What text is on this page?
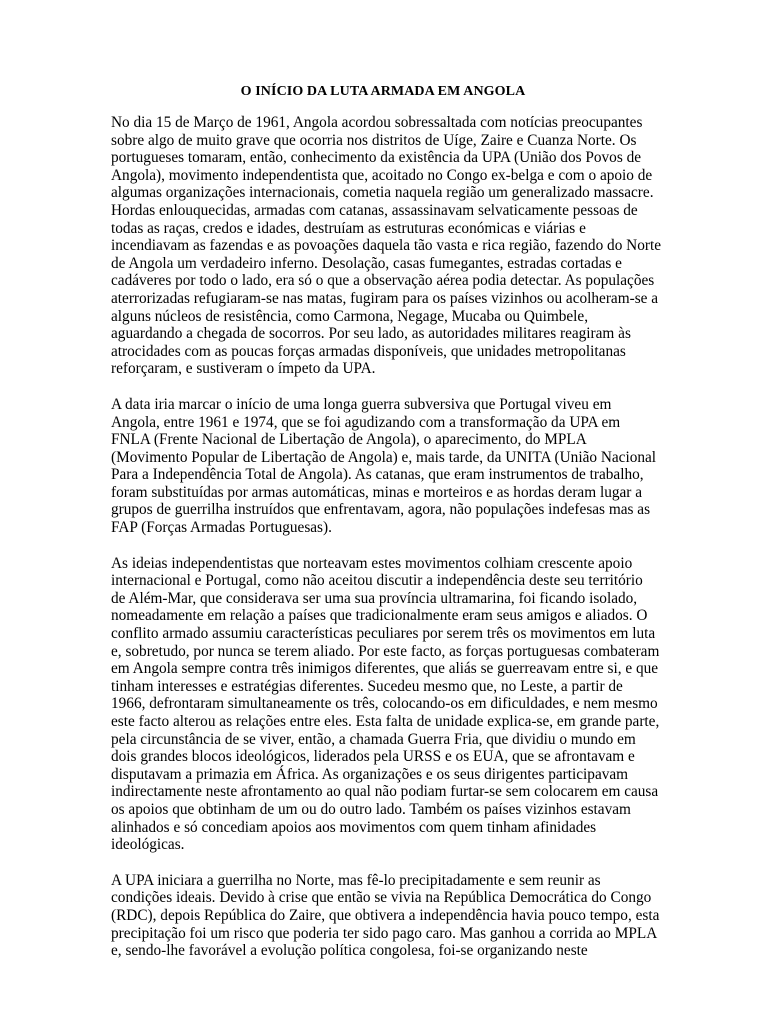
O INÍCIO DA LUTA ARMADA EM ANGOLA

No dia 15 de Março de 1961, Angola acordou sobressaltada com notícias preocupantes sobre algo de muito grave que ocorria nos distritos de Uíge, Zaire e Cuanza Norte. Os portugueses tomaram, então, conhecimento da existência da UPA (União dos Povos de Angola), movimento independentista que, acoitado no Congo ex-belga e com o apoio de algumas organizações internacionais, cometia naquela região um generalizado massacre. Hordas enlouquecidas, armadas com catanas, assassinavam selvaticamente pessoas de todas as raças, credos e idades, destruíam as estruturas económicas e viárias e incendiavam as fazendas e as povoações daquela tão vasta e rica região, fazendo do Norte de Angola um verdadeiro inferno. Desolação, casas fumegantes, estradas cortadas e cadáveres por todo o lado, era só o que a observação aérea podia detectar. As populações aterrorizadas refugiaram-se nas matas, fugiram para os países vizinhos ou acolheram-se a alguns núcleos de resistência, como Carmona, Negage, Mucaba ou Quimbele, aguardando a chegada de socorros. Por seu lado, as autoridades militares reagiram às atrocidades com as poucas forças armadas disponíveis, que unidades metropolitanas reforçaram, e sustiveram o ímpeto da UPA.

A data iria marcar o início de uma longa guerra subversiva que Portugal viveu em Angola, entre 1961 e 1974, que se foi agudizando com a transformação da UPA em FNLA (Frente Nacional de Libertação de Angola), o aparecimento, do MPLA (Movimento Popular de Libertação de Angola) e, mais tarde, da UNITA (União Nacional Para a Independência Total de Angola). As catanas, que eram instrumentos de trabalho, foram substituídas por armas automáticas, minas e morteiros e as hordas deram lugar a grupos de guerrilha instruídos que enfrentavam, agora, não populações indefesas mas as FAP (Forças Armadas Portuguesas).

As ideias independentistas que norteavam estes movimentos colhiam crescente apoio internacional e Portugal, como não aceitou discutir a independência deste seu território de Além-Mar, que considerava ser uma sua província ultramarina, foi ficando isolado, nomeadamente em relação a países que tradicionalmente eram seus amigos e aliados. O conflito armado assumiu características peculiares por serem três os movimentos em luta e, sobretudo, por nunca se terem aliado. Por este facto, as forças portuguesas combateram em Angola sempre contra três inimigos diferentes, que aliás se guerreavam entre si, e que tinham interesses e estratégias diferentes. Sucedeu mesmo que, no Leste, a partir de 1966, defrontaram simultaneamente os três, colocando-os em dificuldades, e nem mesmo este facto alterou as relações entre eles. Esta falta de unidade explica-se, em grande parte, pela circunstância de se viver, então, a chamada Guerra Fria, que dividiu o mundo em dois grandes blocos ideológicos, liderados pela URSS e os EUA, que se afrontavam e disputavam a primazia em África. As organizações e os seus dirigentes participavam indirectamente neste afrontamento ao qual não podiam furtar-se sem colocarem em causa os apoios que obtinham de um ou do outro lado. Também os países vizinhos estavam alinhados e só concediam apoios aos movimentos com quem tinham afinidades ideológicas.

A UPA iniciara a guerrilha no Norte, mas fê-lo precipitadamente e sem reunir as condições ideais. Devido à crise que então se vivia na República Democrática do Congo (RDC), depois República do Zaire, que obtivera a independência havia pouco tempo, esta precipitação foi um risco que poderia ter sido pago caro. Mas ganhou a corrida ao MPLA e, sendo-lhe favorável a evolução política congolesa, foi-se organizando neste
